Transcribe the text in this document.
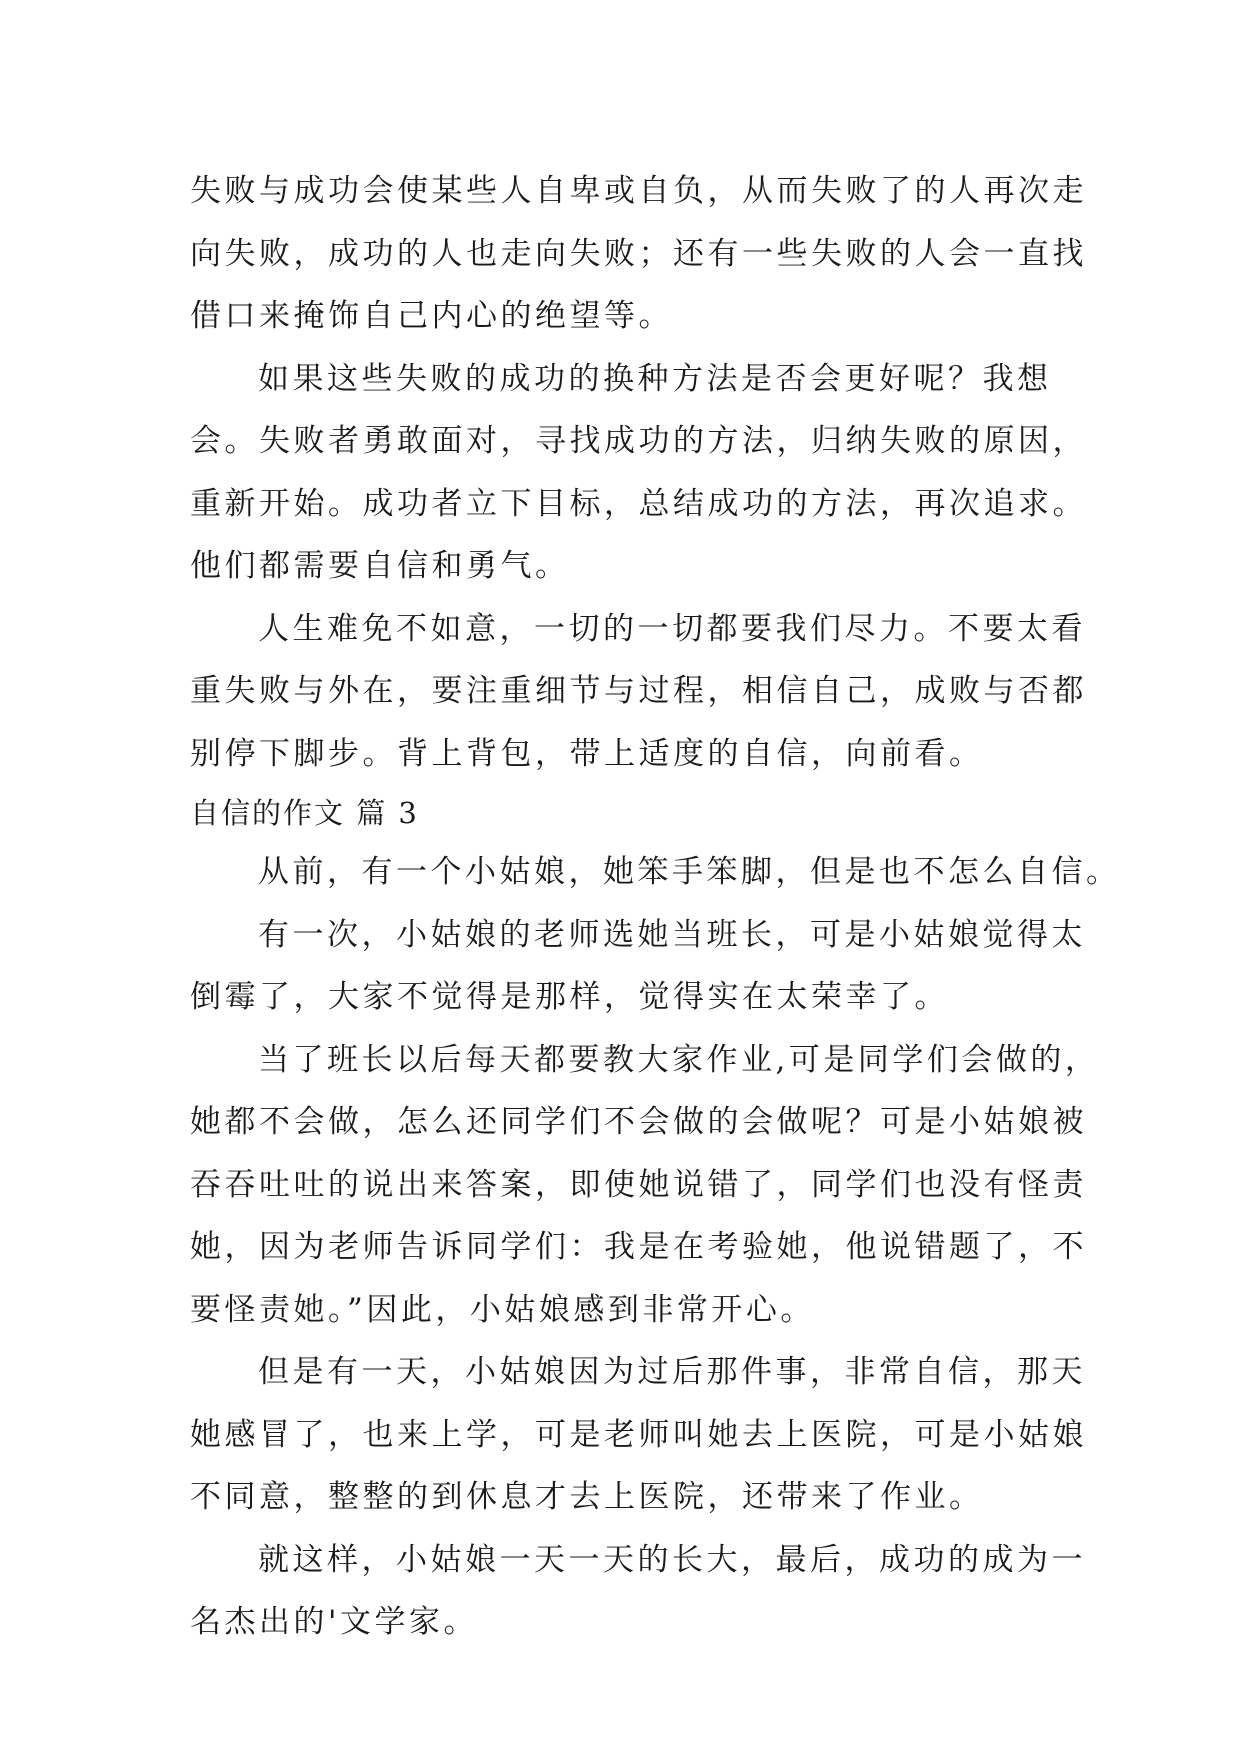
失败与成功会使某些人自卑或自负，从而失败了的人再次走
向失败，成功的人也走向失败；还有一些失败的人会一直找
借口来掩饰自己内心的绝望等。
如果这些失败的成功的换种方法是否会更好呢？我想
会。失败者勇敢面对，寻找成功的方法，归纳失败的原因，
重新开始。成功者立下目标，总结成功的方法，再次追求。
他们都需要自信和勇气。
人生难免不如意，一切的一切都要我们尽力。不要太看
重失败与外在，要注重细节与过程，相信自己，成败与否都
别停下脚步。背上背包，带上适度的自信，向前看。
自信的作文 篇 3
从前，有一个小姑娘，她笨手笨脚，但是也不怎么自信。
有一次，小姑娘的老师选她当班长，可是小姑娘觉得太
倒霉了，大家不觉得是那样，觉得实在太荣幸了。
当了班长以后每天都要教大家作业,可是同学们会做的，
她都不会做，怎么还同学们不会做的会做呢？可是小姑娘被
吞吞吐吐的说出来答案，即使她说错了，同学们也没有怪责
她，因为老师告诉同学们：我是在考验她，他说错题了，不
要怪责她。”因此，小姑娘感到非常开心。
但是有一天，小姑娘因为过后那件事，非常自信，那天
她感冒了，也来上学，可是老师叫她去上医院，可是小姑娘
不同意，整整的到休息才去上医院，还带来了作业。
就这样，小姑娘一天一天的长大，最后，成功的成为一
名杰出的'文学家。
